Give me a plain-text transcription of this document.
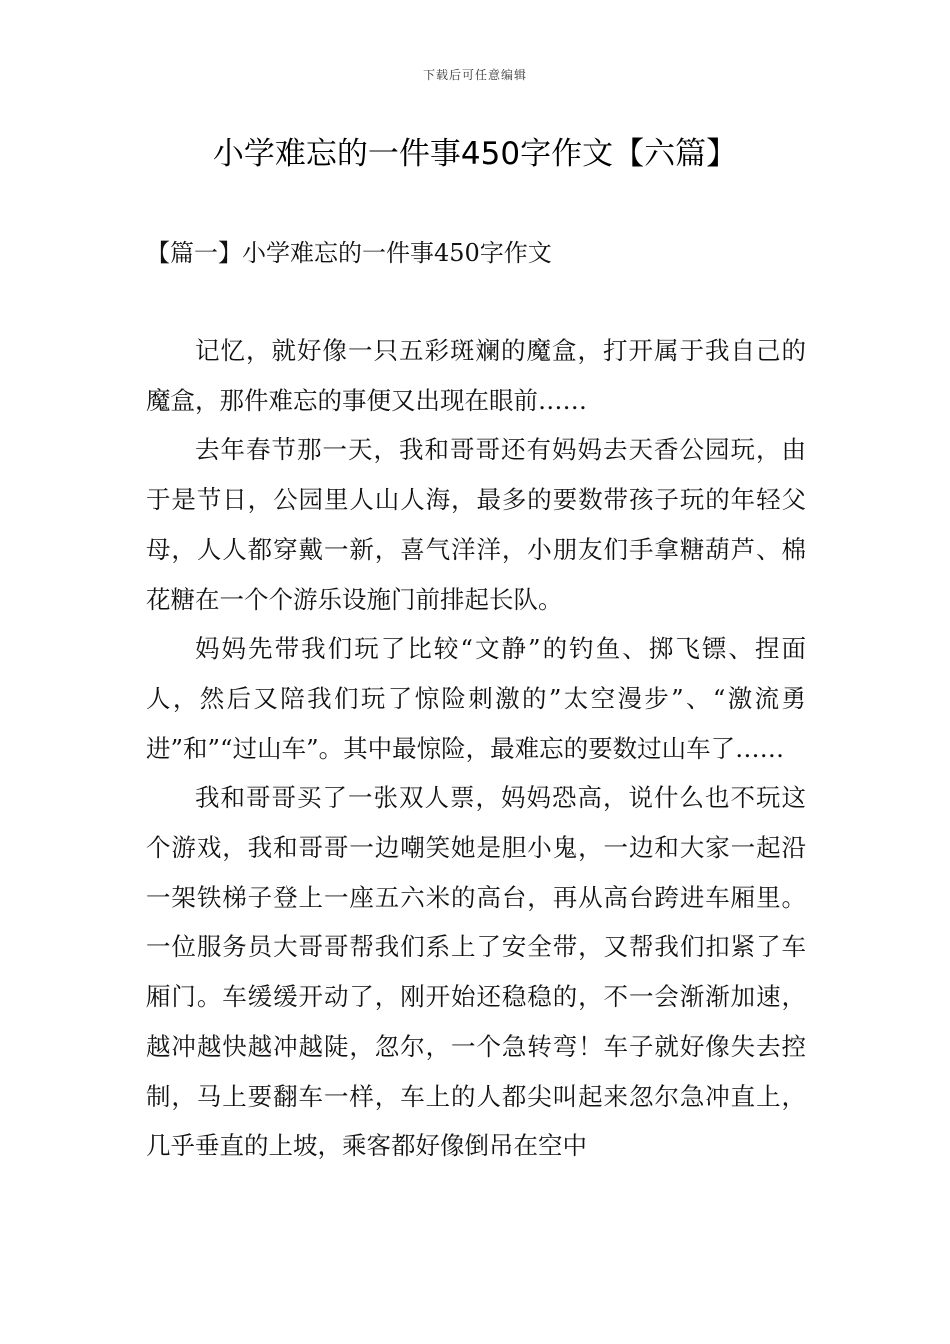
下载后可任意编辑
小学难忘的一件事450字作文【六篇】
【篇一】小学难忘的一件事450字作文

记忆，就好像一只五彩斑斓的魔盒，打开属于我自己的魔盒，那件难忘的事便又出现在眼前……

去年春节那一天，我和哥哥还有妈妈去天香公园玩，由于是节日，公园里人山人海，最多的要数带孩子玩的年轻父母，人人都穿戴一新，喜气洋洋，小朋友们手拿糖葫芦、棉花糖在一个个游乐设施门前排起长队。

妈妈先带我们玩了比较“文静”的钓鱼、掷飞镖、捏面人，然后又陪我们玩了惊险刺激的”太空漫步”、“激流勇进”和”“过山车”。其中最惊险，最难忘的要数过山车了……

我和哥哥买了一张双人票，妈妈恐高，说什么也不玩这个游戏，我和哥哥一边嘲笑她是胆小鬼，一边和大家一起沿一架铁梯子登上一座五六米的高台，再从高台跨进车厢里。一位服务员大哥哥帮我们系上了安全带，又帮我们扣紧了车厢门。车缓缓开动了，刚开始还稳稳的，不一会渐渐加速，越冲越快越冲越陡，忽尔，一个急转弯！车子就好像失去控制，马上要翻车一样，车上的人都尖叫起来忽尔急冲直上，几乎垂直的上坡，乘客都好像倒吊在空中
